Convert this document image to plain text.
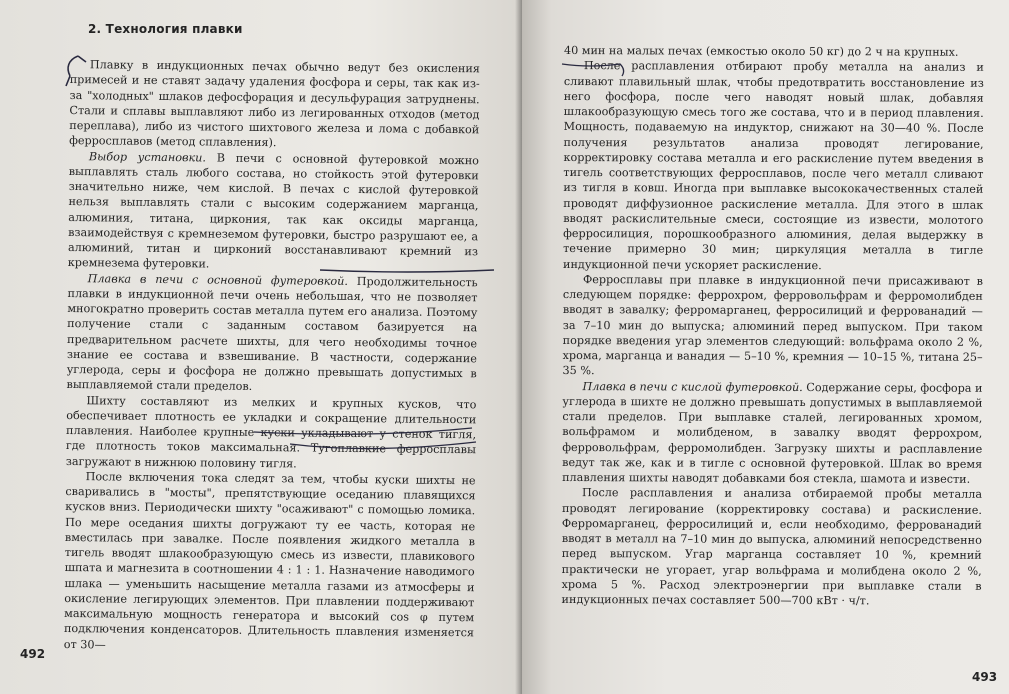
2. Технология плавки

Плавку в индукционных печах обычно ведут без окисления примесей и не ставят задачу удаления фосфора и серы, так как из-за "холодных" шлаков дефосфорация и десульфурация затруднены. Стали и сплавы выплавляют либо из легированных отходов (метод переплава), либо из чистого шихтового железа и лома с добавкой ферросплавов (метод сплавления).

Выбор установки. В печи с основной футеровкой можно выплавлять сталь любого состава, но стойкость этой футеровки значительно ниже, чем кислой. В печах с кислой футеровкой нельзя выплавлять стали с высоким содержанием марганца, алюминия, титана, циркония, так как оксиды марганца, взаимодействуя с кремнеземом футеровки, быстро разрушают ее, а алюминий, титан и цирконий восстанавливают кремний из кремнезема футеровки.

Плавка в печи с основной футеровкой. Продолжительность плавки в индукционной печи очень небольшая, что не позволяет многократно проверить состав металла путем его анализа. Поэтому получение стали с заданным составом базируется на предварительном расчете шихты, для чего необходимы точное знание ее состава и взвешивание. В частности, содержание углерода, серы и фосфора не должно превышать допустимых в выплавляемой стали пределов.

Шихту составляют из мелких и крупных кусков, что обеспечивает плотность ее укладки и сокращение длительности плавления. Наиболее крупные куски укладывают у стенок тигля, где плотность токов максимальная. Тугоплавкие ферросплавы загружают в нижнюю половину тигля.

После включения тока следят за тем, чтобы куски шихты не сваривались в "мосты", препятствующие оседанию плавящихся кусков вниз. Периодически шихту "осаживают" с помощью ломика. По мере оседания шихты догружают ту ее часть, которая не вместилась при завалке. После появления жидкого металла в тигель вводят шлакообразующую смесь из извести, плавикового шпата и магнезита в соотношении 4 : 1 : 1. Назначение наводимого шлака — уменьшить насыщение металла газами из атмосферы и окисление легирующих элементов. При плавлении поддерживают максимальную мощность генератора и высокий cos φ путем подключения конденсаторов. Длительность плавления изменяется от 30—

492

40 мин на малых печах (емкостью около 50 кг) до 2 ч на крупных.

После расплавления отбирают пробу металла на анализ и сливают плавильный шлак, чтобы предотвратить восстановление из него фосфора, после чего наводят новый шлак, добавляя шлакообразующую смесь того же состава, что и в период плавления. Мощность, подаваемую на индуктор, снижают на 30—40 %. После получения результатов анализа проводят легирование, корректировку состава металла и его раскисление путем введения в тигель соответствующих ферросплавов, после чего металл сливают из тигля в ковш. Иногда при выплавке высококачественных сталей проводят диффузионное раскисление металла. Для этого в шлак вводят раскислительные смеси, состоящие из извести, молотого ферросилиция, порошкообразного алюминия, делая выдержку в течение примерно 30 мин; циркуляция металла в тигле индукционной печи ускоряет раскисление.

Ферросплавы при плавке в индукционной печи присаживают в следующем порядке: феррохром, ферровольфрам и ферромолибден вводят в завалку; ферромарганец, ферросилиций и феррованадий — за 7–10 мин до выпуска; алюминий перед выпуском. При таком порядке введения угар элементов следующий: вольфрама около 2 %, хрома, марганца и ванадия — 5–10 %, кремния — 10–15 %, титана 25–35 %.

Плавка в печи с кислой футеровкой. Содержание серы, фосфора и углерода в шихте не должно превышать допустимых в выплавляемой стали пределов. При выплавке сталей, легированных хромом, вольфрамом и молибденом, в завалку вводят феррохром, ферровольфрам, ферромолибден. Загрузку шихты и расплавление ведут так же, как и в тигле с основной футеровкой. Шлак во время плавления шихты наводят добавками боя стекла, шамота и извести.

После расплавления и анализа отбираемой пробы металла проводят легирование (корректировку состава) и раскисление. Ферромарганец, ферросилиций и, если необходимо, феррованадий вводят в металл на 7–10 мин до выпуска, алюминий непосредственно перед выпуском. Угар марганца составляет 10 %, кремний практически не угорает, угар вольфрама и молибдена около 2 %, хрома 5 %. Расход электроэнергии при выплавке стали в индукционных печах составляет 500—700 кВт · ч/т.

493
